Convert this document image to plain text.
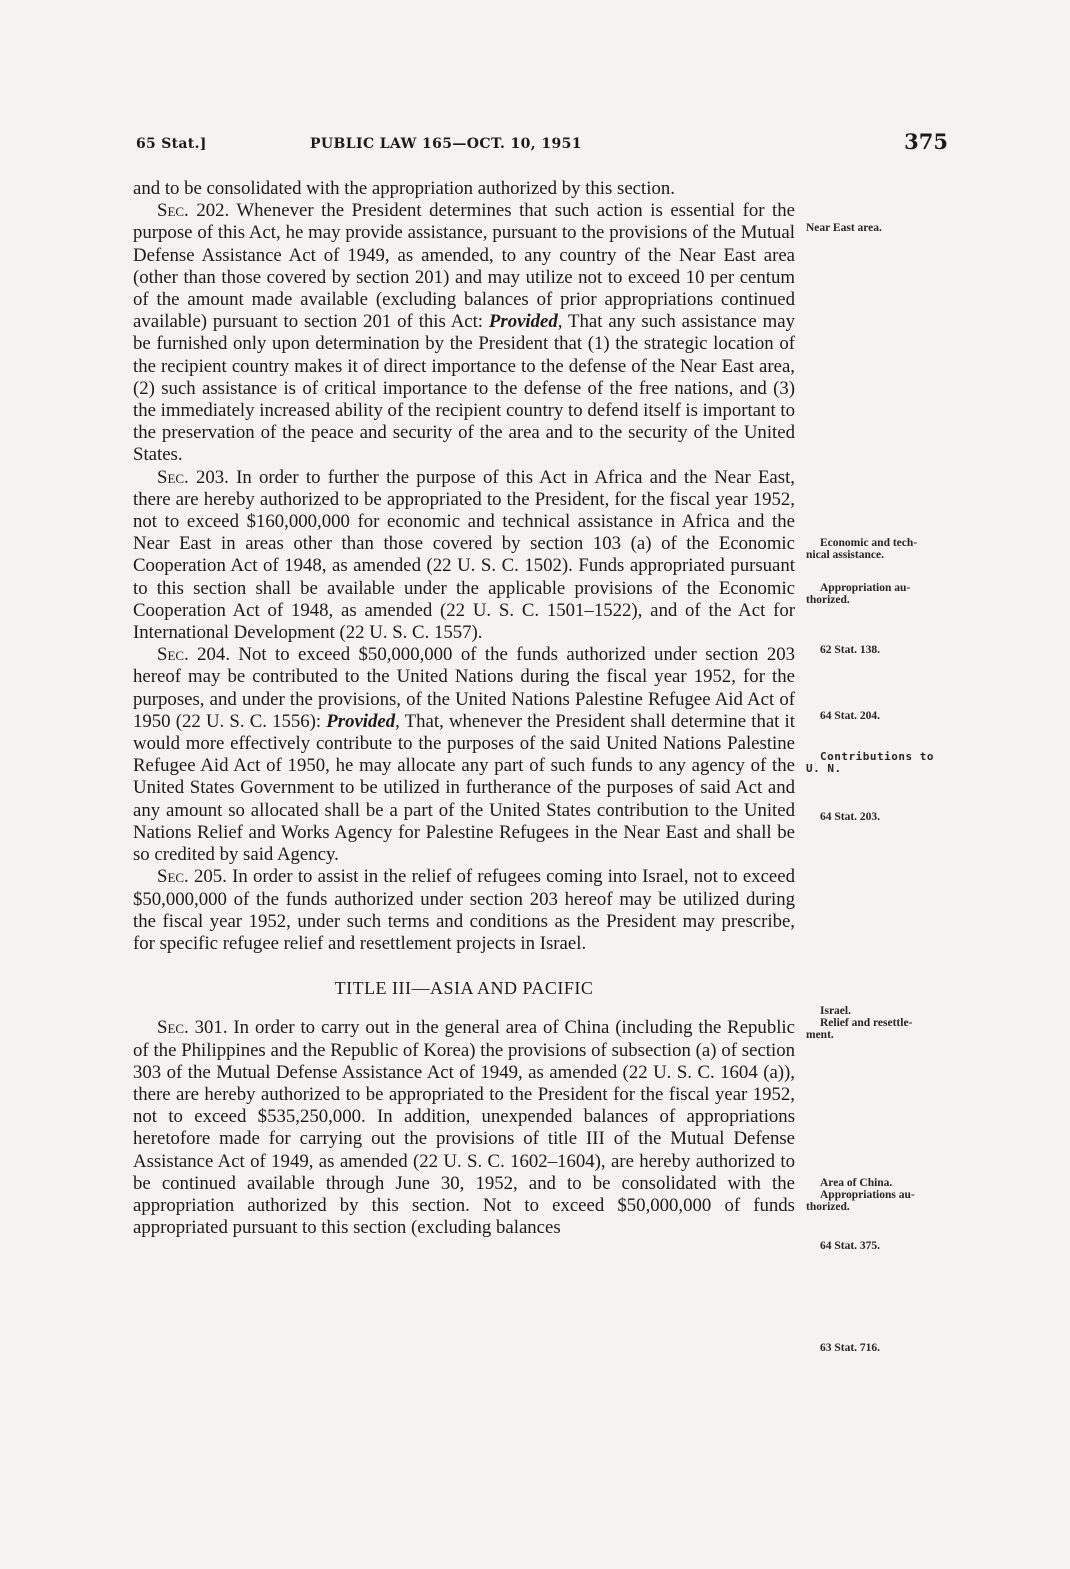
65 Stat.]	PUBLIC LAW 165—OCT. 10, 1951	375

and to be consolidated with the appropriation authorized by this section.

Sec. 202. Whenever the President determines that such action is essential for the purpose of this Act, he may provide assistance, pursuant to the provisions of the Mutual Defense Assistance Act of 1949, as amended, to any country of the Near East area (other than those covered by section 201) and may utilize not to exceed 10 per centum of the amount made available (excluding balances of prior appropriations continued available) pursuant to section 201 of this Act: Provided, That any such assistance may be furnished only upon determination by the President that (1) the strategic location of the recipient country makes it of direct importance to the defense of the Near East area, (2) such assistance is of critical importance to the defense of the free nations, and (3) the immediately increased ability of the recipient country to defend itself is important to the preservation of the peace and security of the area and to the security of the United States.

Sec. 203. In order to further the purpose of this Act in Africa and the Near East, there are hereby authorized to be appropriated to the President, for the fiscal year 1952, not to exceed $160,000,000 for economic and technical assistance in Africa and the Near East in areas other than those covered by section 103 (a) of the Economic Cooperation Act of 1948, as amended (22 U. S. C. 1502). Funds appropriated pursuant to this section shall be available under the applicable provisions of the Economic Cooperation Act of 1948, as amended (22 U. S. C. 1501–1522), and of the Act for International Development (22 U. S. C. 1557).

Sec. 204. Not to exceed $50,000,000 of the funds authorized under section 203 hereof may be contributed to the United Nations during the fiscal year 1952, for the purposes, and under the provisions, of the United Nations Palestine Refugee Aid Act of 1950 (22 U. S. C. 1556): Provided, That, whenever the President shall determine that it would more effectively contribute to the purposes of the said United Nations Palestine Refugee Aid Act of 1950, he may allocate any part of such funds to any agency of the United States Government to be utilized in furtherance of the purposes of said Act and any amount so allocated shall be a part of the United States contribution to the United Nations Relief and Works Agency for Palestine Refugees in the Near East and shall be so credited by said Agency.

Sec. 205. In order to assist in the relief of refugees coming into Israel, not to exceed $50,000,000 of the funds authorized under section 203 hereof may be utilized during the fiscal year 1952, under such terms and conditions as the President may prescribe, for specific refugee relief and resettlement projects in Israel.

TITLE III—ASIA AND PACIFIC

Sec. 301. In order to carry out in the general area of China (including the Republic of the Philippines and the Republic of Korea) the provisions of subsection (a) of section 303 of the Mutual Defense Assistance Act of 1949, as amended (22 U. S. C. 1604 (a)), there are hereby authorized to be appropriated to the President for the fiscal year 1952, not to exceed $535,250,000. In addition, unexpended balances of appropriations heretofore made for carrying out the provisions of title III of the Mutual Defense Assistance Act of 1949, as amended (22 U. S. C. 1602–1604), are hereby authorized to be continued available through June 30, 1952, and to be consolidated with the appropriation authorized by this section. Not to exceed $50,000,000 of funds appropriated pursuant to this section (excluding balances

Near East area.
Economic and tech-
nical assistance.
Appropriation au-
thorized.
62 Stat. 138.
64 Stat. 204.
Contributions to
U. N.
64 Stat. 203.
Israel.
Relief and resettle-
ment.
Area of China.
Appropriations au-
thorized.
64 Stat. 375.
63 Stat. 716.
